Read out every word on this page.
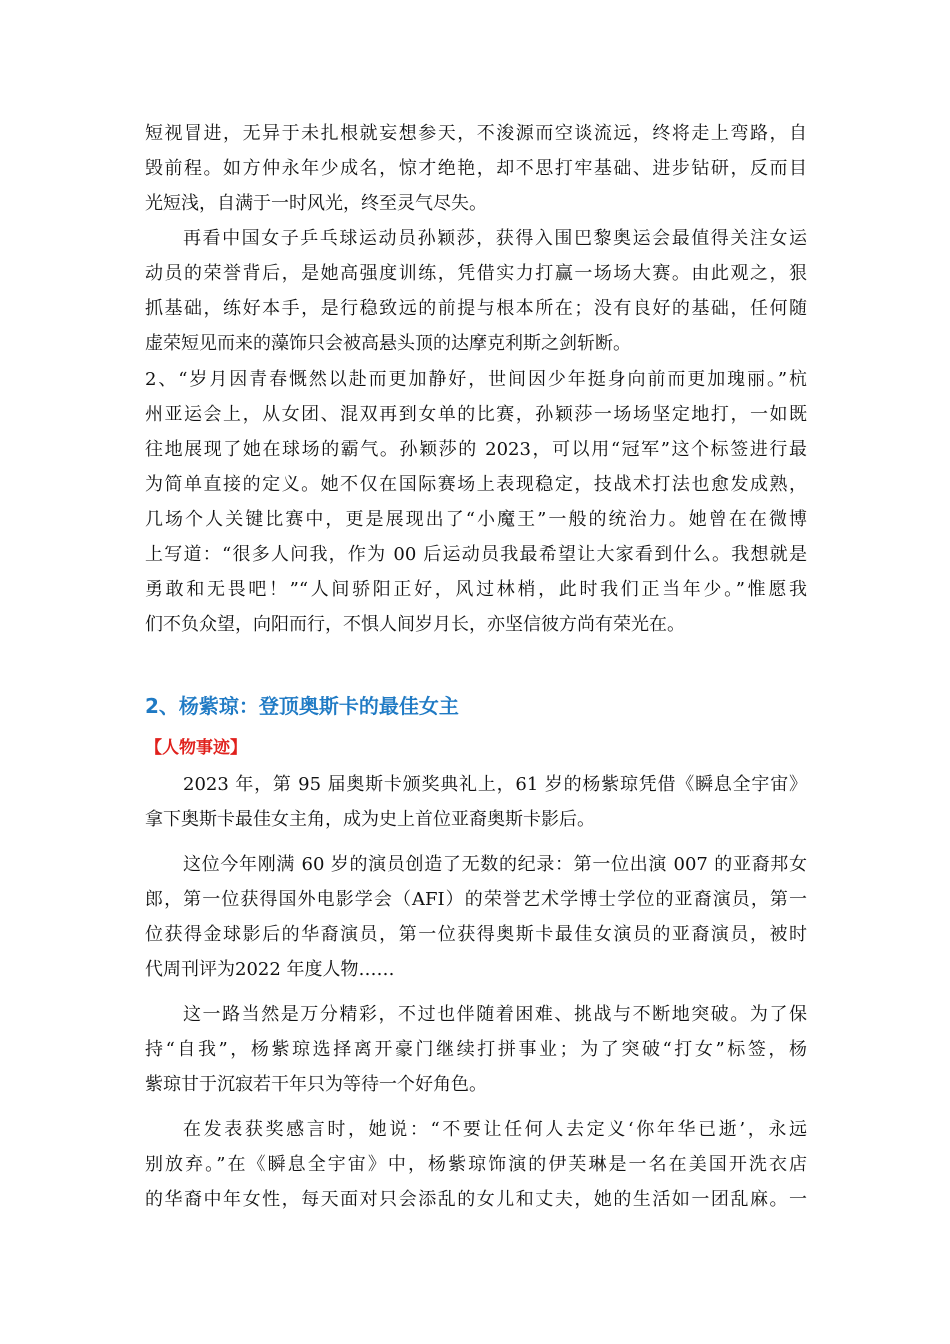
短视冒进，无异于未扎根就妄想参天，不浚源而空谈流远，终将走上弯路，自
毁前程。如方仲永年少成名，惊才绝艳，却不思打牢基础、进步钻研，反而目
光短浅，自满于一时风光，终至灵气尽失。
再看中国女子乒乓球运动员孙颖莎，获得入围巴黎奥运会最值得关注女运
动员的荣誉背后，是她高强度训练，凭借实力打赢一场场大赛。由此观之，狠
抓基础，练好本手，是行稳致远的前提与根本所在；没有良好的基础，任何随
虚荣短见而来的藻饰只会被高悬头顶的达摩克利斯之剑斩断。
2、“岁月因青春慨然以赴而更加静好，世间因少年挺身向前而更加瑰丽。”杭
州亚运会上，从女团、混双再到女单的比赛，孙颖莎一场场坚定地打，一如既
往地展现了她在球场的霸气。孙颖莎的 2023，可以用“冠军”这个标签进行最
为简单直接的定义。她不仅在国际赛场上表现稳定，技战术打法也愈发成熟，
几场个人关键比赛中，更是展现出了“小魔王”一般的统治力。她曾在在微博
上写道：“很多人问我，作为 00 后运动员我最希望让大家看到什么。我想就是
勇敢和无畏吧！”“人间骄阳正好，风过林梢，此时我们正当年少。”惟愿我
们不负众望，向阳而行，不惧人间岁月长，亦坚信彼方尚有荣光在。
2、杨紫琼：登顶奥斯卡的最佳女主
【人物事迹】
2023 年，第 95 届奥斯卡颁奖典礼上，61 岁的杨紫琼凭借《瞬息全宇宙》
拿下奥斯卡最佳女主角，成为史上首位亚裔奥斯卡影后。
这位今年刚满 60 岁的演员创造了无数的纪录：第一位出演 007 的亚裔邦女
郎，第一位获得国外电影学会（AFI）的荣誉艺术学博士学位的亚裔演员，第一
位获得金球影后的华裔演员，第一位获得奥斯卡最佳女演员的亚裔演员，被时
代周刊评为2022 年度人物……
这一路当然是万分精彩，不过也伴随着困难、挑战与不断地突破。为了保
持“自我”，杨紫琼选择离开豪门继续打拼事业；为了突破“打女”标签，杨
紫琼甘于沉寂若干年只为等待一个好角色。
在发表获奖感言时，她说：“不要让任何人去定义‘你年华已逝’，永远
别放弃。”在《瞬息全宇宙》中，杨紫琼饰演的伊芙琳是一名在美国开洗衣店
的华裔中年女性，每天面对只会添乱的女儿和丈夫，她的生活如一团乱麻。一
